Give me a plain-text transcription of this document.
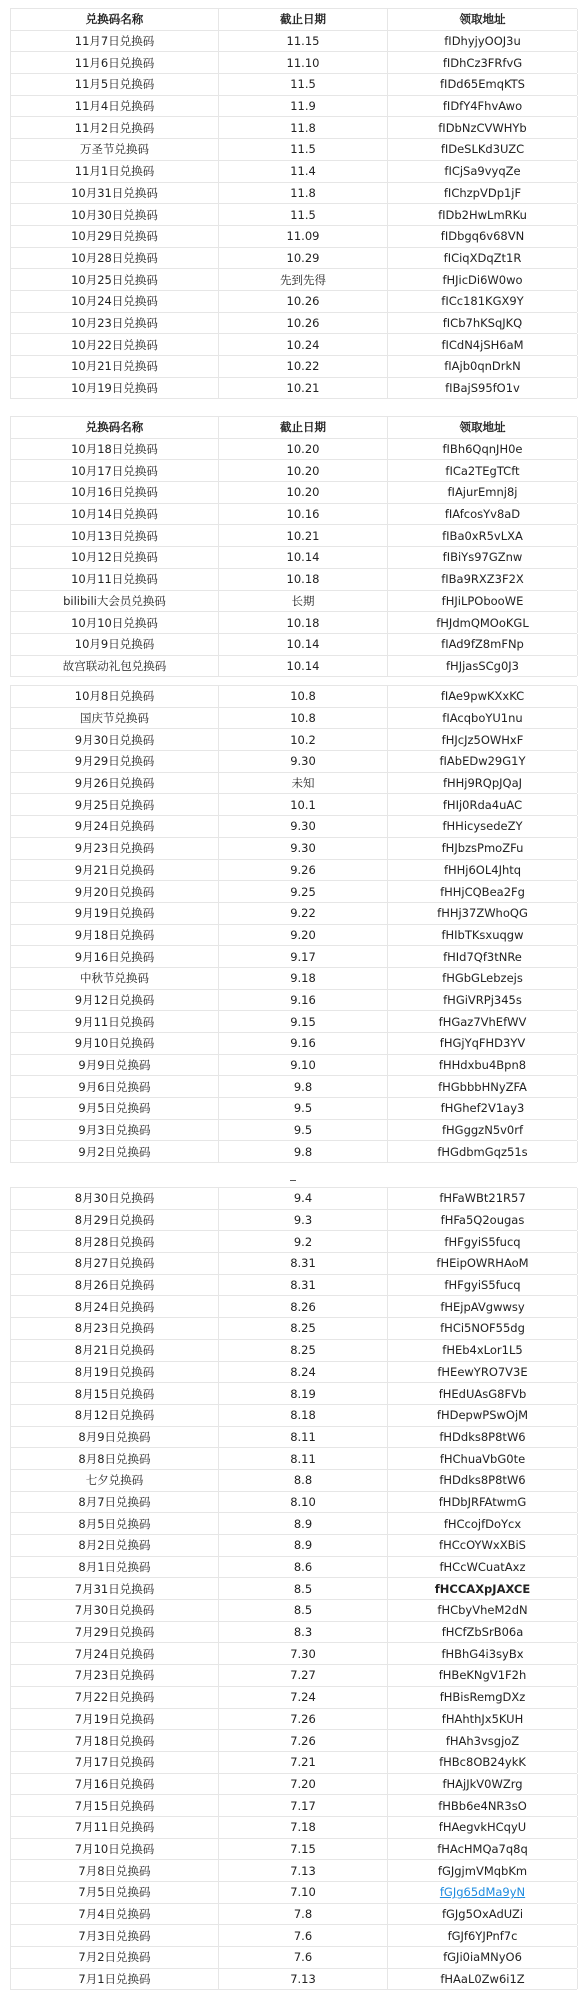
兑换码名称	截止日期	领取地址
11月7日兑换码	11.15	fIDhyjyOOJ3u
11月6日兑换码	11.10	fIDhCz3FRfvG
11月5日兑换码	11.5	fIDd65EmqKTS
11月4日兑换码	11.9	fIDfY4FhvAwo
11月2日兑换码	11.8	fIDbNzCVWHYb
万圣节兑换码	11.5	fIDeSLKd3UZC
11月1日兑换码	11.4	fICjSa9vyqZe
10月31日兑换码	11.8	fIChzpVDp1jF
10月30日兑换码	11.5	fIDb2HwLmRKu
10月29日兑换码	11.09	fIDbgq6v68VN
10月28日兑换码	10.29	fICiqXDqZt1R
10月25日兑换码	先到先得	fHJicDi6W0wo
10月24日兑换码	10.26	fICc181KGX9Y
10月23日兑换码	10.26	fICb7hKSqJKQ
10月22日兑换码	10.24	fICdN4jSH6aM
10月21日兑换码	10.22	fIAjb0qnDrkN
10月19日兑换码	10.21	fIBajS95fO1v
兑换码名称	截止日期	领取地址
10月18日兑换码	10.20	fIBh6QqnJH0e
10月17日兑换码	10.20	fICa2TEgTCft
10月16日兑换码	10.20	fIAjurEmnj8j
10月14日兑换码	10.16	fIAfcosYv8aD
10月13日兑换码	10.21	fIBa0xR5vLXA
10月12日兑换码	10.14	fIBiYs97GZnw
10月11日兑换码	10.18	fIBa9RXZ3F2X
bilibili大会员兑换码	长期	fHJiLPObooWE
10月10日兑换码	10.18	fHJdmQMOoKGL
10月9日兑换码	10.14	fIAd9fZ8mFNp
故宫联动礼包兑换码	10.14	fHJjasSCg0J3
10月8日兑换码	10.8	fIAe9pwKXxKC
国庆节兑换码	10.8	fIAcqboYU1nu
9月30日兑换码	10.2	fHJcJz5OWHxF
9月29日兑换码	9.30	fIAbEDw29G1Y
9月26日兑换码	未知	fHHj9RQpJQaJ
9月25日兑换码	10.1	fHIj0Rda4uAC
9月24日兑换码	9.30	fHHicysedeZY
9月23日兑换码	9.30	fHJbzsPmoZFu
9月21日兑换码	9.26	fHHj6OL4Jhtq
9月20日兑换码	9.25	fHHjCQBea2Fg
9月19日兑换码	9.22	fHHj37ZWhoQG
9月18日兑换码	9.20	fHIbTKsxuqgw
9月16日兑换码	9.17	fHId7Qf3tNRe
中秋节兑换码	9.18	fHGbGLebzejs
9月12日兑换码	9.16	fHGiVRPj345s
9月11日兑换码	9.15	fHGaz7VhEfWV
9月10日兑换码	9.16	fHGjYqFHD3YV
9月9日兑换码	9.10	fHHdxbu4Bpn8
9月6日兑换码	9.8	fHGbbbHNyZFA
9月5日兑换码	9.5	fHGhef2V1ay3
9月3日兑换码	9.5	fHGggzN5v0rf
9月2日兑换码	9.8	fHGdbmGqz51s
8月30日兑换码	9.4	fHFaWBt21R57
8月29日兑换码	9.3	fHFa5Q2ougas
8月28日兑换码	9.2	fHFgyiS5fucq
8月27日兑换码	8.31	fHEipOWRHAoM
8月26日兑换码	8.31	fHFgyiS5fucq
8月24日兑换码	8.26	fHEjpAVgwwsy
8月23日兑换码	8.25	fHCi5NOF55dg
8月21日兑换码	8.25	fHEb4xLor1L5
8月19日兑换码	8.24	fHEewYRO7V3E
8月15日兑换码	8.19	fHEdUAsG8FVb
8月12日兑换码	8.18	fHDepwPSwOjM
8月9日兑换码	8.11	fHDdks8P8tW6
8月8日兑换码	8.11	fHChuaVbG0te
七夕兑换码	8.8	fHDdks8P8tW6
8月7日兑换码	8.10	fHDbJRFAtwmG
8月5日兑换码	8.9	fHCcojfDoYcx
8月2日兑换码	8.9	fHCcOYWxXBiS
8月1日兑换码	8.6	fHCcWCuatAxz
7月31日兑换码	8.5	fHCCAXpJAXCE
7月30日兑换码	8.5	fHCbyVheM2dN
7月29日兑换码	8.3	fHCfZbSrB06a
7月24日兑换码	7.30	fHBhG4i3syBx
7月23日兑换码	7.27	fHBeKNgV1F2h
7月22日兑换码	7.24	fHBisRemgDXz
7月19日兑换码	7.26	fHAhthJx5KUH
7月18日兑换码	7.26	fHAh3vsgjoZ
7月17日兑换码	7.21	fHBc8OB24ykK
7月16日兑换码	7.20	fHAjJkV0WZrg
7月15日兑换码	7.17	fHBb6e4NR3sO
7月11日兑换码	7.18	fHAegvkHCqyU
7月10日兑换码	7.15	fHAcHMQa7q8q
7月8日兑换码	7.13	fGJgjmVMqbKm
7月5日兑换码	7.10	fGJg65dMa9yN
7月4日兑换码	7.8	fGJg5OxAdUZi
7月3日兑换码	7.6	fGJf6YJPnf7c
7月2日兑换码	7.6	fGJi0iaMNyO6
7月1日兑换码	7.13	fHAaL0Zw6i1Z
